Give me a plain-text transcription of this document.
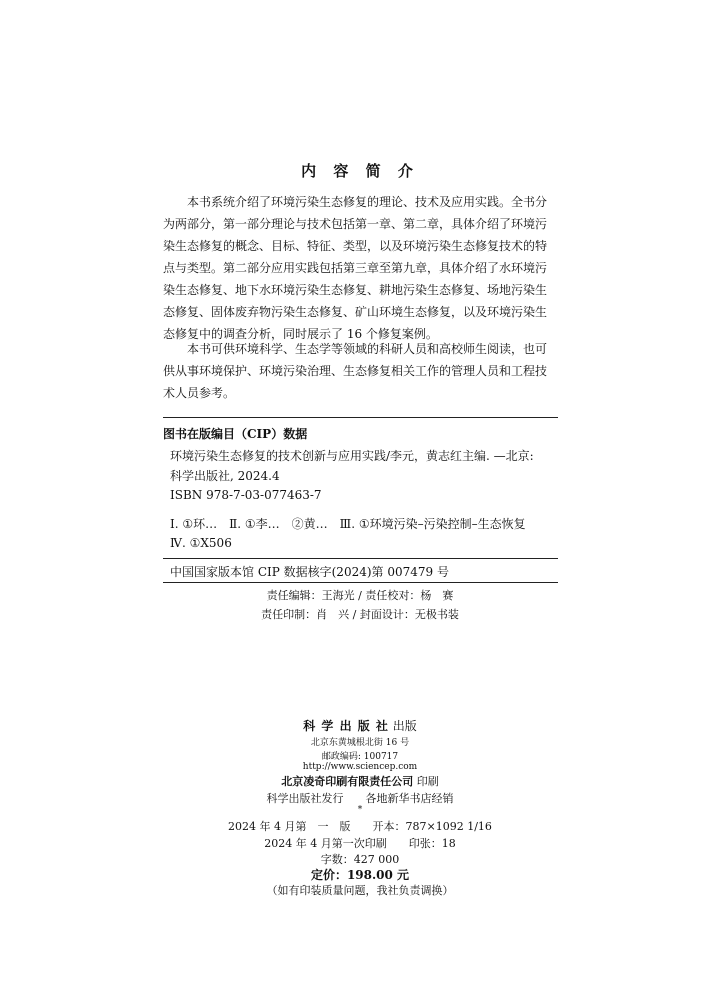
内 容 简 介
　　本书系统介绍了环境污染生态修复的理论、技术及应用实践。全书分
为两部分，第一部分理论与技术包括第一章、第二章，具体介绍了环境污
染生态修复的概念、目标、特征、类型，以及环境污染生态修复技术的特
点与类型。第二部分应用实践包括第三章至第九章，具体介绍了水环境污
染生态修复、地下水环境污染生态修复、耕地污染生态修复、场地污染生
态修复、固体废弃物污染生态修复、矿山环境生态修复，以及环境污染生
态修复中的调查分析，同时展示了 16 个修复案例。
　　本书可供环境科学、生态学等领域的科研人员和高校师生阅读，也可
供从事环境保护、环境污染治理、生态修复相关工作的管理人员和工程技
术人员参考。
图书在版编目（CIP）数据
环境污染生态修复的技术创新与应用实践/李元，黄志红主编. —北京:
科学出版社, 2024.4
ISBN 978-7-03-077463-7
Ⅰ. ①环…　Ⅱ. ①李…　②黄…　Ⅲ. ①环境污染–污染控制–生态恢复
Ⅳ. ①X506
中国国家版本馆 CIP 数据核字(2024)第 007479 号
责任编辑：王海光 / 责任校对：杨　赛
责任印制：肖　兴 / 封面设计：无极书装
科 学 出 版 社 出版
北京东黄城根北街 16 号
邮政编码: 100717
http://www.sciencep.com
北京凌奇印刷有限责任公司 印刷
科学出版社发行　　各地新华书店经销
*
2024 年 4 月第　一　版　　开本：787×1092 1/16
2024 年 4 月第一次印刷　　印张：18
字数：427 000
定价：198.00 元
（如有印装质量问题，我社负责调换）
